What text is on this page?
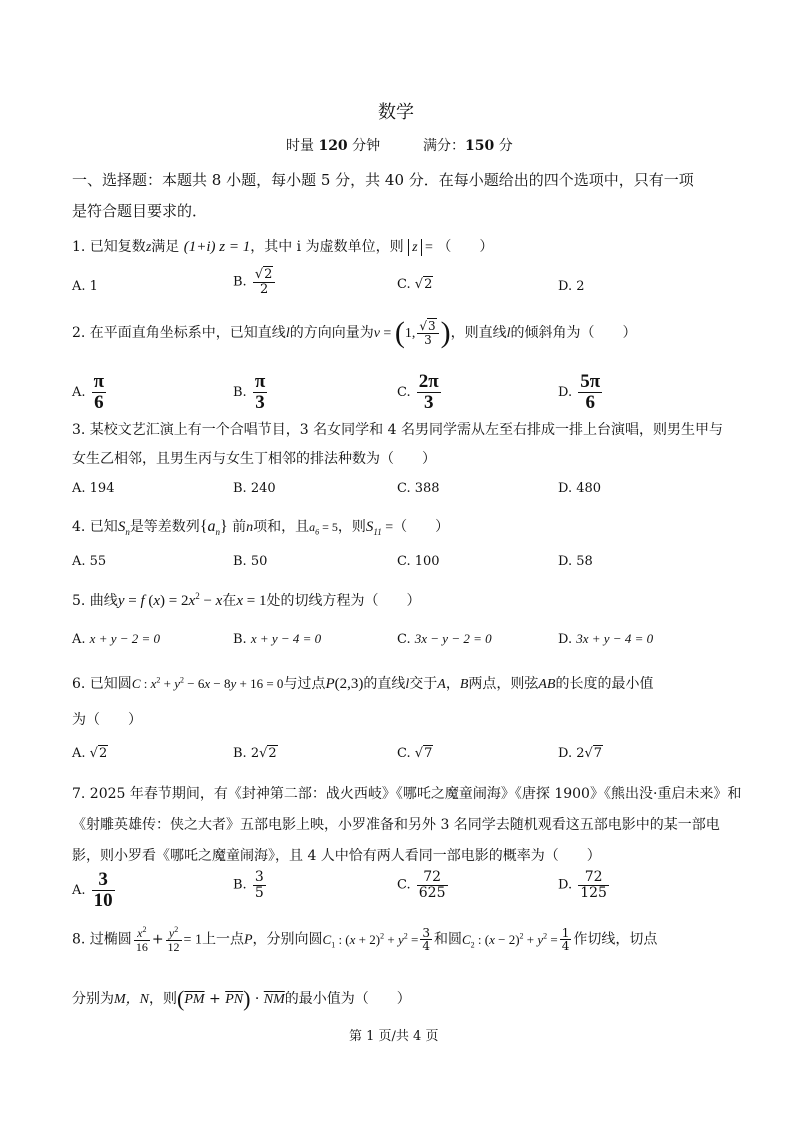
数学
时量 120 分钟	满分：150 分
一、选择题：本题共 8 小题，每小题 5 分，共 40 分．在每小题给出的四个选项中，只有一项
是符合题目要求的．
1. 已知复数z满足 (1+i) z = 1，其中 i 为虚数单位，则 z = （　　）
A. 1	B. $\frac{√2}{2}$	C. √2	D. 2
2. 在平面直角坐标系中，已知直线l的方向向量为v = (1, $\frac{√3}{3}$ )，则直线l的倾斜角为（　　）
A. $\frac{\pi}{6}$	B. $\frac{\pi}{3}$	C. $\frac{2\pi}{3}$	D. $\frac{5\pi}{6}$
3. 某校文艺汇演上有一个合唱节目，3 名女同学和 4 名男同学需从左至右排成一排上台演唱，则男生甲与
女生乙相邻，且男生丙与女生丁相邻的排法种数为（　　）
A. 194	B. 240	C. 388	D. 480
4. 已知$S_n$是等差数列$\{a_n\}$ 前n项和，且$a_6 = 5$，则$S_{11}$ =（　　）
A. 55	B. 50	C. 100	D. 58
5. 曲线y = f $(x) = 2x^2 - x$在x = 1处的切线方程为（　　）
A. x + y − 2 = 0	B. x + y − 4 = 0	C. 3x − y − 2 = 0	D. 3x + y − 4 = 0
6. 已知圆C : $x^2 + y^2 - 6x - 8y + 16 = 0$与过点P(2,3)的直线l交于A，B两点，则弦AB的长度的最小值
为（　　）
A. √2	B. 2√2	C. √7	D. 2√7
7. 2025 年春节期间，有《封神第二部：战火西岐》《哪吒之魔童闹海》《唐探 1900》《熊出没·重启未来》和
《射雕英雄传：侠之大者》五部电影上映，小罗准备和另外 3 名同学去随机观看这五部电影中的某一部电
影，则小罗看《哪吒之魔童闹海》，且 4 人中恰有两人看同一部电影的概率为（　　）
A. $\frac{3}{10}$	B. $\frac{3}{5}$	C. $\frac{72}{625}$	D. $\frac{72}{125}$
8. 过椭圆 $\frac{x^2}{16} + \frac{y^2}{12} = 1$上一点P，分别向圆$C_1$ : $(x + 2)^2 + y^2 = \frac{3}{4}$ 和圆$C_2$ : $(x - 2)^2 + y^2 = \frac{1}{4}$ 作切线，切点
分别为M，N，则$(\overline{PM} + \overline{PN}) \cdot \overline{NM}$的最小值为（　　）
第 1 页/共 4 页
